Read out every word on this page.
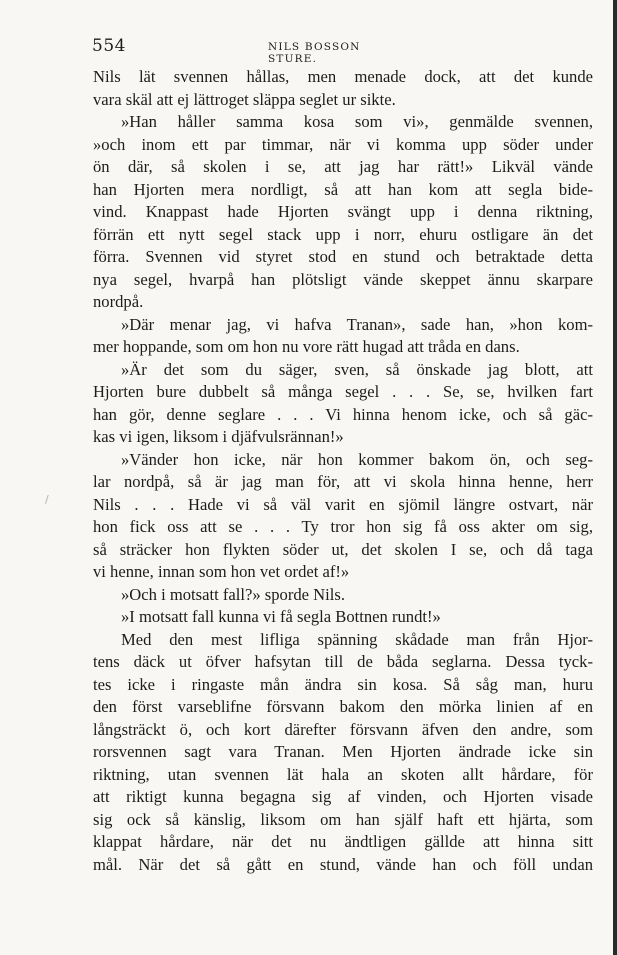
554	NILS BOSSON STURE.
Nils lät svennen hållas, men menade dock, att det kunde
vara skäl att ej lättroget släppa seglet ur sikte.
»Han håller samma kosa som vi», genmälde svennen,
»och inom ett par timmar, när vi komma upp söder under
ön där, så skolen i se, att jag har rätt!» Likväl vände
han Hjorten mera nordligt, så att han kom att segla bide-
vind. Knappast hade Hjorten svängt upp i denna riktning,
förrän ett nytt segel stack upp i norr, ehuru ostligare än det
förra. Svennen vid styret stod en stund och betraktade detta
nya segel, hvarpå han plötsligt vände skeppet ännu skarpare
nordpå.
»Där menar jag, vi hafva Tranan», sade han, »hon kom-
mer hoppande, som om hon nu vore rätt hugad att tråda en dans.
»Är det som du säger, sven, så önskade jag blott, att
Hjorten bure dubbelt så många segel . . . Se, se, hvilken fart
han gör, denne seglare . . . Vi hinna henom icke, och så gäc-
kas vi igen, liksom i djäfvulsrännan!»
»Vänder hon icke, när hon kommer bakom ön, och seg-
lar nordpå, så är jag man för, att vi skola hinna henne, herr
Nils . . . Hade vi så väl varit en sjömil längre ostvart, när
hon fick oss att se . . . Ty tror hon sig få oss akter om sig,
så sträcker hon flykten söder ut, det skolen I se, och då taga
vi henne, innan som hon vet ordet af!»
»Och i motsatt fall?» sporde Nils.
»I motsatt fall kunna vi få segla Bottnen rundt!»
Med den mest lifliga spänning skådade man från Hjor-
tens däck ut öfver hafsytan till de båda seglarna. Dessa tyck-
tes icke i ringaste mån ändra sin kosa. Så såg man, huru
den först varseblifne försvann bakom den mörka linien af en
långsträckt ö, och kort därefter försvann äfven den andre, som
rorsvennen sagt vara Tranan. Men Hjorten ändrade icke sin
riktning, utan svennen lät hala an skoten allt hårdare, för
att riktigt kunna begagna sig af vinden, och Hjorten visade
sig ock så känslig, liksom om han själf haft ett hjärta, som
klappat hårdare, när det nu ändtligen gällde att hinna sitt
mål. När det så gått en stund, vände han och föll undan
/
